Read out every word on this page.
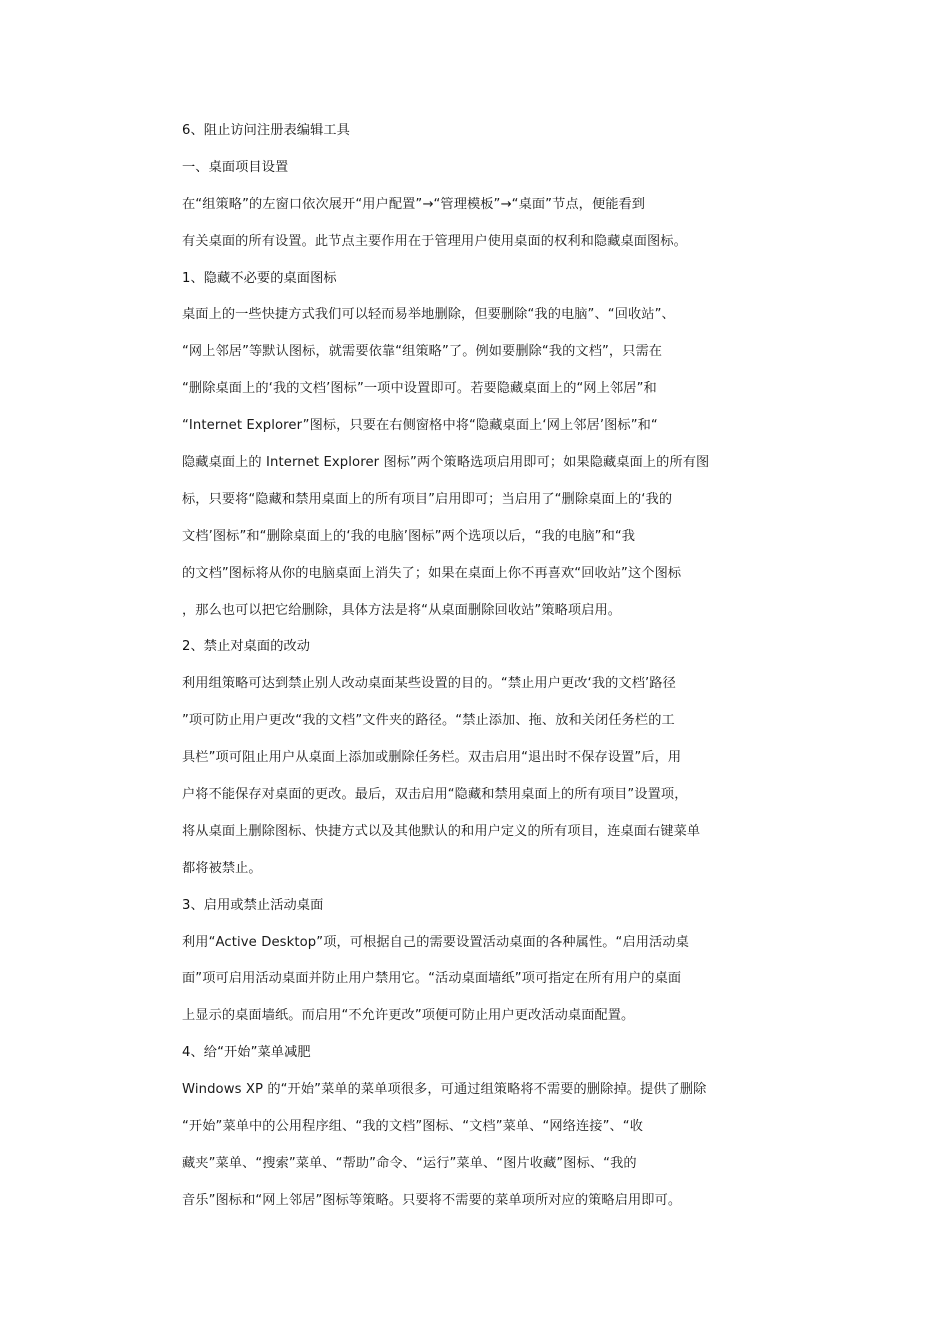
6、阻止访问注册表编辑工具
一、桌面项目设置
在“组策略”的左窗口依次展开“用户配置”→“管理模板”→“桌面”节点，便能看到
有关桌面的所有设置。此节点主要作用在于管理用户使用桌面的权利和隐藏桌面图标。
1、隐藏不必要的桌面图标
桌面上的一些快捷方式我们可以轻而易举地删除，但要删除“我的电脑”、“回收站”、
“网上邻居”等默认图标，就需要依靠“组策略”了。例如要删除“我的文档”，只需在
“删除桌面上的‘我的文档’图标”一项中设置即可。若要隐藏桌面上的“网上邻居”和
“Internet Explorer”图标，只要在右侧窗格中将“隐藏桌面上‘网上邻居’图标”和“
隐藏桌面上的 Internet Explorer 图标”两个策略选项启用即可；如果隐藏桌面上的所有图
标，只要将“隐藏和禁用桌面上的所有项目”启用即可；当启用了“删除桌面上的‘我的
文档’图标”和“删除桌面上的‘我的电脑’图标”两个选项以后，“我的电脑”和“我
的文档”图标将从你的电脑桌面上消失了；如果在桌面上你不再喜欢“回收站”这个图标
，那么也可以把它给删除，具体方法是将“从桌面删除回收站”策略项启用。
2、禁止对桌面的改动
利用组策略可达到禁止别人改动桌面某些设置的目的。“禁止用户更改‘我的文档’路径
”项可防止用户更改“我的文档”文件夹的路径。“禁止添加、拖、放和关闭任务栏的工
具栏”项可阻止用户从桌面上添加或删除任务栏。双击启用“退出时不保存设置”后，用
户将不能保存对桌面的更改。最后，双击启用“隐藏和禁用桌面上的所有项目”设置项，
将从桌面上删除图标、快捷方式以及其他默认的和用户定义的所有项目，连桌面右键菜单
都将被禁止。
3、启用或禁止活动桌面
利用“Active Desktop”项，可根据自己的需要设置活动桌面的各种属性。“启用活动桌
面”项可启用活动桌面并防止用户禁用它。“活动桌面墙纸”项可指定在所有用户的桌面
上显示的桌面墙纸。而启用“不允许更改”项便可防止用户更改活动桌面配置。
4、给“开始”菜单减肥
Windows XP 的“开始”菜单的菜单项很多，可通过组策略将不需要的删除掉。提供了删除
“开始”菜单中的公用程序组、“我的文档”图标、“文档”菜单、“网络连接”、“收
藏夹”菜单、“搜索”菜单、“帮助”命令、“运行”菜单、“图片收藏”图标、“我的
音乐”图标和“网上邻居”图标等策略。只要将不需要的菜单项所对应的策略启用即可。
